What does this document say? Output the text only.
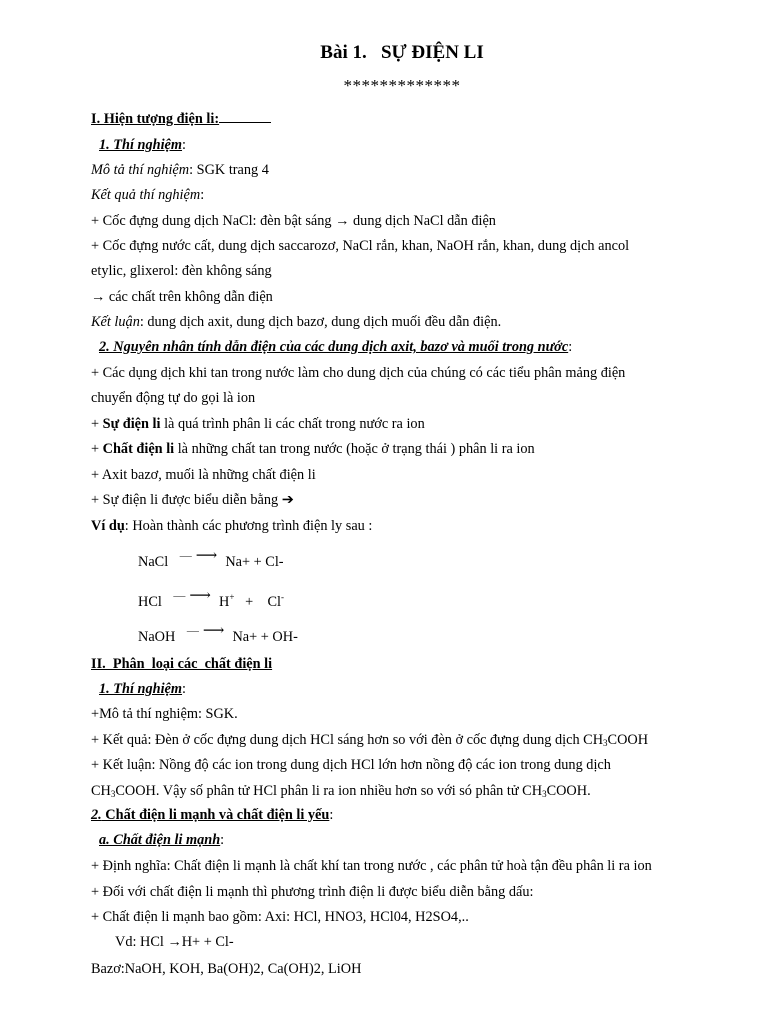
Bài 1.   SỰ ĐIỆN LI
*************
I. Hiện tượng điện li:
1. Thí nghiệm:
Mô tả thí nghiệm: SGK trang 4
Kết quả thí nghiệm:
+ Cốc đựng dung dịch NaCl: đèn bật sáng → dung dịch NaCl dẫn điện
+ Cốc đựng nước cất, dung dịch saccarozơ, NaCl rắn, khan, NaOH rắn, khan, dung dịch ancol
etylic, glixerol: đèn không sáng
→ các chất trên không dẫn điện
Kết luận: dung dịch axit, dung dịch bazơ, dung dịch muối đều dẫn điện.
2. Nguyên nhân tính dẫn điện của các dung dịch axit, bazơ và muối trong nước:
+ Các dụng dịch khi tan trong nước làm cho dung dịch của chúng có các tiểu phân mảng điện
chuyển động tự do gọi là ion
+ Sự điện li là quá trình phân li các chất trong nước ra ion
+ Chất điện li là những chất tan trong nước (hoặc ở trạng thái ) phân li ra ion
+ Axit bazơ, muối là những chất điện li
+ Sự điện li được biểu diễn bằng ➔
Ví dụ: Hoàn thành các phương trình điện ly sau :
NaCl — ⟶ Na+ + Cl-
HCl — ⟶ H+ + Cl-
NaOH — ⟶ Na+ + OH-
II.  Phân  loại các  chất điện li
1. Thí nghiệm:
+Mô tả thí nghiệm: SGK.
+ Kết quả: Đèn ở cốc đựng dung dịch HCl sáng hơn so với đèn ở cốc đựng dung dịch $CH_3COOH$
+ Kết luận: Nồng độ các ion trong dung dịch HCl lớn hơn nồng độ các ion trong dung dịch
$CH_3COOH$. Vậy số phân tử HCl phân li ra ion nhiều hơn so với só phân tử $CH_3COOH$.
2. Chất điện li mạnh và chất điện li yếu:
a. Chất điện li mạnh:
+ Định nghĩa: Chất điện li mạnh là chất khí tan trong nước , các phân tử hoà tận đều phân li ra ion
+ Đối với chất điện li mạnh thì phương trình điện li được biểu diễn bằng dấu:
+ Chất điện li mạnh bao gồm: Axi: HCl, HNO3, HCl04, H2SO4,..
Vd: HCl →H+ + Cl-
Bazơ:NaOH, KOH, Ba(OH)2, Ca(OH)2, LiOH
